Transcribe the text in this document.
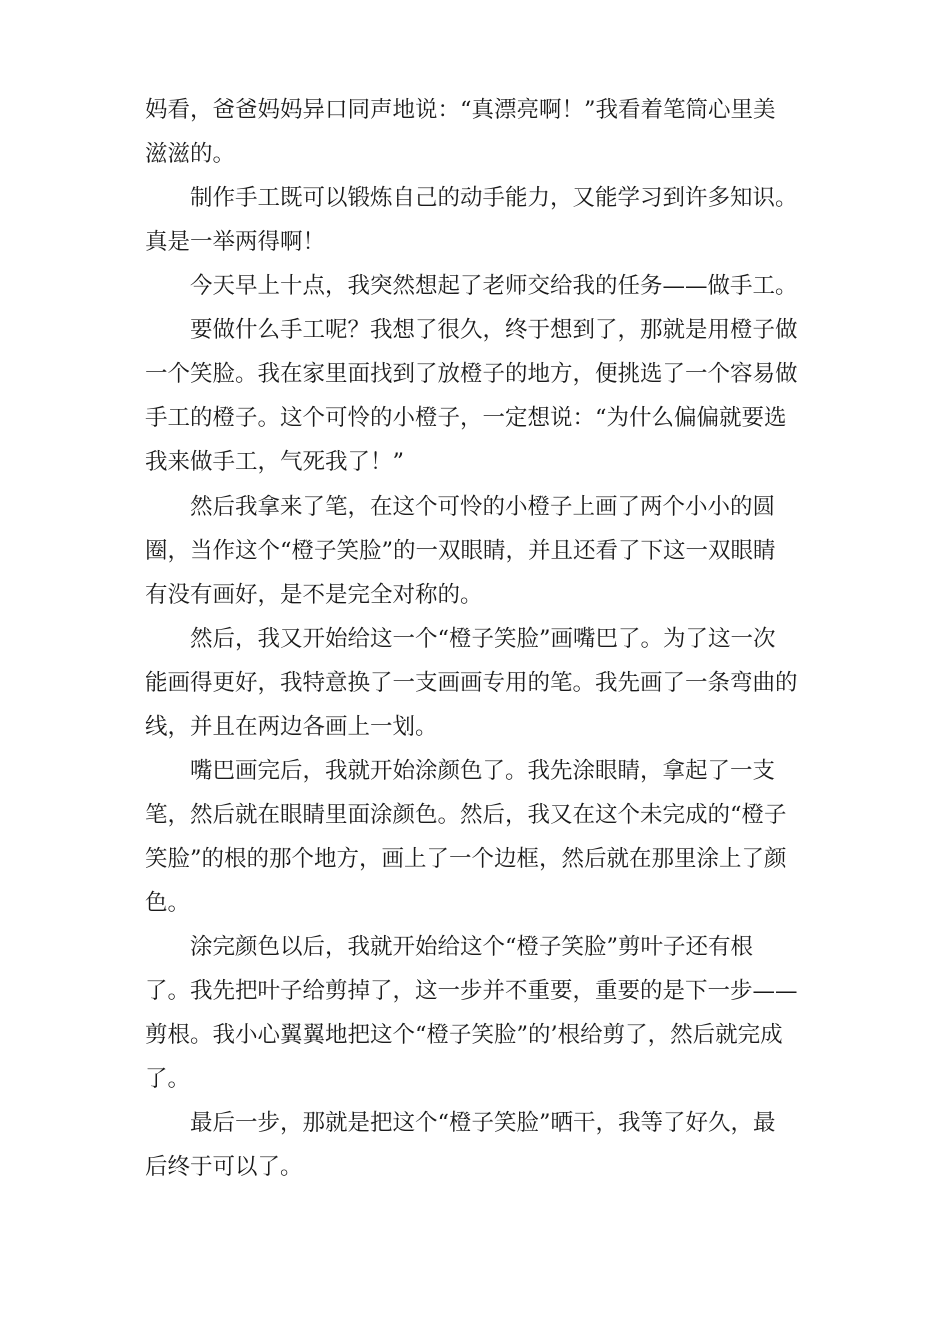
妈看，爸爸妈妈异口同声地说：“真漂亮啊！”我看着笔筒心里美
滋滋的。
制作手工既可以锻炼自己的动手能力，又能学习到许多知识。
真是一举两得啊！
今天早上十点，我突然想起了老师交给我的任务——做手工。
要做什么手工呢？我想了很久，终于想到了，那就是用橙子做
一个笑脸。我在家里面找到了放橙子的地方，便挑选了一个容易做
手工的橙子。这个可怜的小橙子，一定想说：“为什么偏偏就要选
我来做手工，气死我了！”
然后我拿来了笔，在这个可怜的小橙子上画了两个小小的圆
圈，当作这个“橙子笑脸”的一双眼睛，并且还看了下这一双眼睛
有没有画好，是不是完全对称的。
然后，我又开始给这一个“橙子笑脸”画嘴巴了。为了这一次
能画得更好，我特意换了一支画画专用的笔。我先画了一条弯曲的
线，并且在两边各画上一划。
嘴巴画完后，我就开始涂颜色了。我先涂眼睛，拿起了一支
笔，然后就在眼睛里面涂颜色。然后，我又在这个未完成的“橙子
笑脸”的根的那个地方，画上了一个边框，然后就在那里涂上了颜
色。
涂完颜色以后，我就开始给这个“橙子笑脸”剪叶子还有根
了。我先把叶子给剪掉了，这一步并不重要，重要的是下一步——
剪根。我小心翼翼地把这个“橙子笑脸”的’根给剪了，然后就完成
了。
最后一步，那就是把这个“橙子笑脸”晒干，我等了好久，最
后终于可以了。
